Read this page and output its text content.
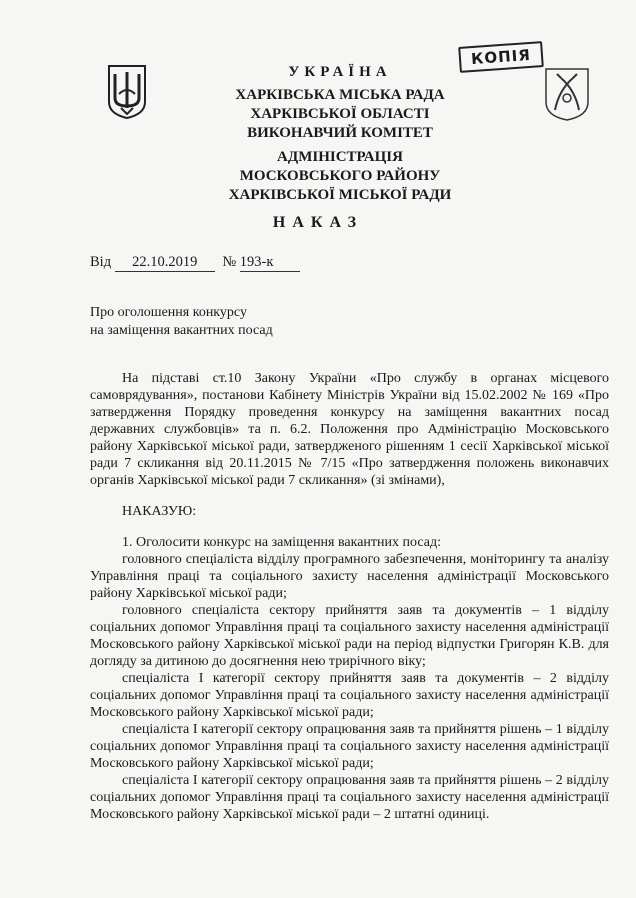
КОПІЯ
УКРАЇНА
ХАРКІВСЬКА МІСЬКА РАДА
ХАРКІВСЬКОЇ ОБЛАСТІ
ВИКОНАВЧИЙ КОМІТЕТ
АДМІНІСТРАЦІЯ
МОСКОВСЬКОГО РАЙОНУ
ХАРКІВСЬКОЇ МІСЬКОЇ РАДИ
НАКАЗ
Від 22.10.2019 № 193-к
Про оголошення конкурсу
на заміщення вакантних посад

На підставі ст.10 Закону України «Про службу в органах місцевого самоврядування», постанови Кабінету Міністрів України від 15.02.2002 № 169 «Про затвердження Порядку проведення конкурсу на заміщення вакантних посад державних службовців» та п. 6.2. Положення про Адміністрацію Московського району Харківської міської ради, затвердженого рішенням 1 сесії Харківської міської ради 7 скликання від 20.11.2015 № 7/15 «Про затвердження положень виконавчих органів Харківської міської ради 7 скликання» (зі змінами),

НАКАЗУЮ:

1. Оголосити конкурс на заміщення вакантних посад:

головного спеціаліста відділу програмного забезпечення, моніторингу та аналізу Управління праці та соціального захисту населення адміністрації Московського району Харківської міської ради;

головного спеціаліста сектору прийняття заяв та документів – 1 відділу соціальних допомог Управління праці та соціального захисту населення адміністрації Московського району Харківської міської ради на період відпустки Григорян К.В. для догляду за дитиною до досягнення нею трирічного віку;

спеціаліста І категорії сектору прийняття заяв та документів – 2 відділу соціальних допомог Управління праці та соціального захисту населення адміністрації Московського району Харківської міської ради;

спеціаліста І категорії сектору опрацювання заяв та прийняття рішень – 1 відділу соціальних допомог Управління праці та соціального захисту населення адміністрації Московського району Харківської міської ради;

спеціаліста І категорії сектору опрацювання заяв та прийняття рішень – 2 відділу соціальних допомог Управління праці та соціального захисту населення адміністрації Московського району Харківської міської ради – 2 штатні одиниці.
